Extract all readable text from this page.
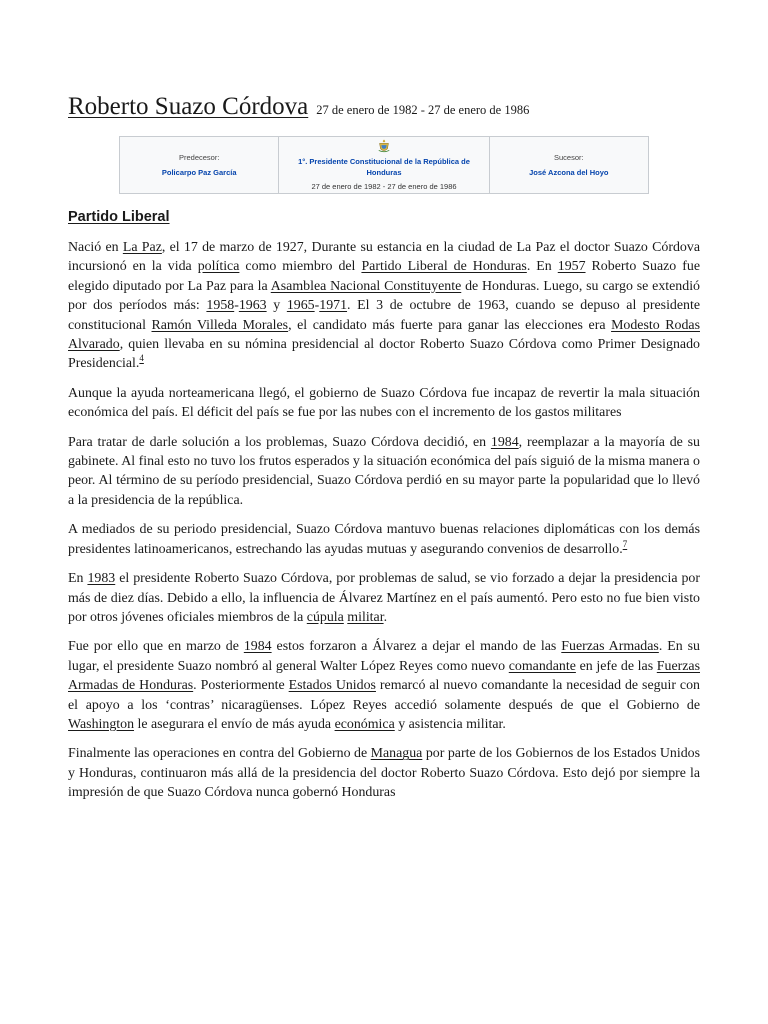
Roberto Suazo Córdova 27 de enero de 1982 - 27 de enero de 1986
Predecesor:
Policarpo Paz García
1°. Presidente Constitucional de la República de Honduras
27 de enero de 1982 - 27 de enero de 1986
Sucesor:
José Azcona del Hoyo
Partido Liberal

Nació en La Paz, el 17 de marzo de 1927, Durante su estancia en la ciudad de La Paz el doctor Suazo Córdova incursionó en la vida política como miembro del Partido Liberal de Honduras. En 1957 Roberto Suazo fue elegido diputado por La Paz para la Asamblea Nacional Constituyente de Honduras. Luego, su cargo se extendió por dos períodos más: 1958-1963 y 1965-1971. El 3 de octubre de 1963, cuando se depuso al presidente constitucional Ramón Villeda Morales, el candidato más fuerte para ganar las elecciones era Modesto Rodas Alvarado, quien llevaba en su nómina presidencial al doctor Roberto Suazo Córdova como Primer Designado Presidencial.$^4$

Aunque la ayuda norteamericana llegó, el gobierno de Suazo Córdova fue incapaz de revertir la mala situación económica del país. El déficit del país se fue por las nubes con el incremento de los gastos militares

Para tratar de darle solución a los problemas, Suazo Córdova decidió, en 1984, reemplazar a la mayoría de su gabinete. Al final esto no tuvo los frutos esperados y la situación económica del país siguió de la misma manera o peor. Al término de su período presidencial, Suazo Córdova perdió en su mayor parte la popularidad que lo llevó a la presidencia de la república.

A mediados de su periodo presidencial, Suazo Córdova mantuvo buenas relaciones diplomáticas con los demás presidentes latinoamericanos, estrechando las ayudas mutuas y asegurando convenios de desarrollo.$^7$

En 1983 el presidente Roberto Suazo Córdova, por problemas de salud, se vio forzado a dejar la presidencia por más de diez días. Debido a ello, la influencia de Álvarez Martínez en el país aumentó. Pero esto no fue bien visto por otros jóvenes oficiales miembros de la cúpula militar.

Fue por ello que en marzo de 1984 estos forzaron a Álvarez a dejar el mando de las Fuerzas Armadas. En su lugar, el presidente Suazo nombró al general Walter López Reyes como nuevo comandante en jefe de las Fuerzas Armadas de Honduras. Posteriormente Estados Unidos remarcó al nuevo comandante la necesidad de seguir con el apoyo a los ‘contras’ nicaragüenses. López Reyes accedió solamente después de que el Gobierno de Washington le asegurara el envío de más ayuda económica y asistencia militar.

Finalmente las operaciones en contra del Gobierno de Managua por parte de los Gobiernos de los Estados Unidos y Honduras, continuaron más allá de la presidencia del doctor Roberto Suazo Córdova. Esto dejó por siempre la impresión de que Suazo Córdova nunca gobernó Honduras
